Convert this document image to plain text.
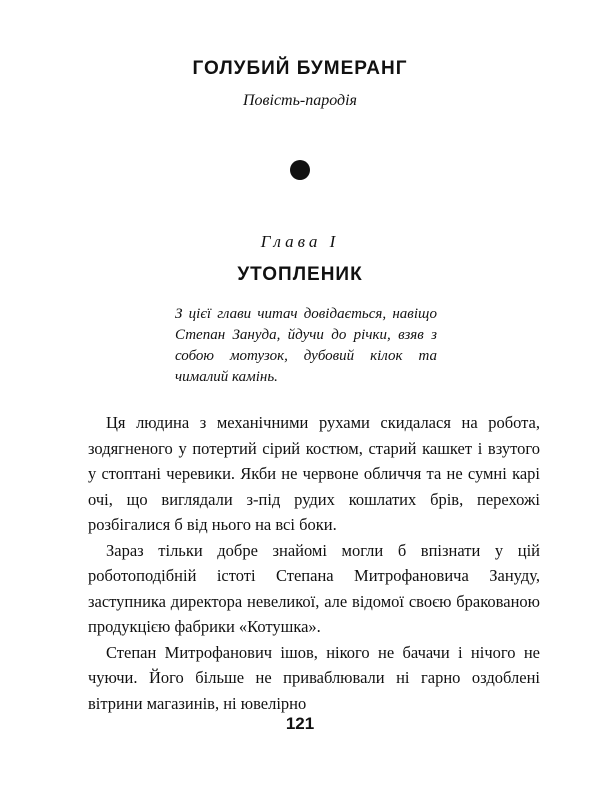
ГОЛУБИЙ БУМЕРАНГ
Повість-пародія
Глава I
УТОПЛЕНИК

З цієї глави читач довідається, навіщо Степан Зануда, йдучи до річки, взяв з собою мотузок, дубовий кілок та чималий камінь.

Ця людина з механічними рухами скидалася на робота, зодягненого у потертий сірий костюм, старий кашкет і взутого у стоптані черевики. Якби не червоне обличчя та не сумні карі очі, що виглядали з-під рудих кошлатих брів, перехожі розбігалися б від нього на всі боки.

Зараз тільки добре знайомі могли б впізнати у цій роботоподібній істоті Степана Митрофановича Зануду, заступника директора невеликої, але відомої своєю бракованою продукцією фабрики «Котушка».

Степан Митрофанович ішов, нікого не бачачи і нічого не чуючи. Його більше не приваблювали ні гарно оздоблені вітрини магазинів, ні ювелірно

121
